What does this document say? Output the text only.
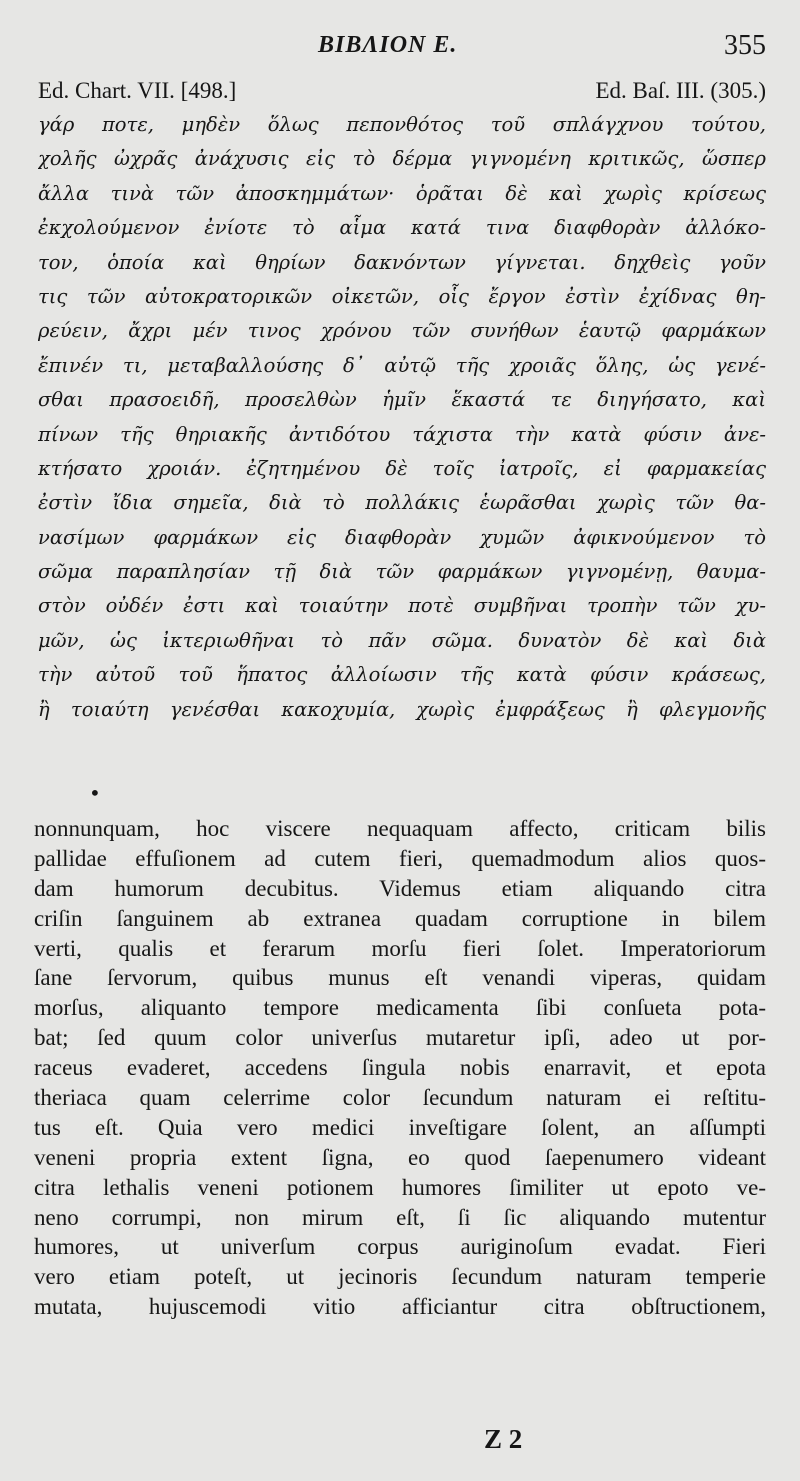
BIBΛION E.	355
Ed. Chart. VII. [498.]	Ed. Baſ. III. (305.)
γάρ ποτε, μηδὲν ὅλως πεπονθότος τοῦ σπλάγχνου τούτου,
χολῆς ὠχρᾶς ἀνάχυσις εἰς τὸ δέρμα γιγνομένη κριτικῶς, ὥσπερ
ἄλλα τινὰ τῶν ἀποσκημμάτων· ὁρᾶται δὲ καὶ χωρὶς κρίσεως
ἐκχολούμενον ἐνίοτε τὸ αἷμα κατά τινα διαφθορὰν ἀλλόκο-
τον, ὁποία καὶ θηρίων δακνόντων γίγνεται. δηχθεὶς γοῦν
τις τῶν αὐτοκρατορικῶν οἰκετῶν, οἷς ἔργον ἐστὶν ἐχίδνας θη-
ρεύειν, ἄχρι μέν τινος χρόνου τῶν συνήθων ἑαυτῷ φαρμάκων
ἔπινέν τι, μεταβαλλούσης δ᾽ αὐτῷ τῆς χροιᾶς ὅλης, ὡς γενέ-
σθαι πρασοειδῆ, προσελθὼν ἡμῖν ἕκαστά τε διηγήσατο, καὶ
πίνων τῆς θηριακῆς ἀντιδότου τάχιστα τὴν κατὰ φύσιν ἀνε-
κτήσατο χροιάν. ἐζητημένου δὲ τοῖς ἰατροῖς, εἰ φαρμακείας
ἐστὶν ἴδια σημεῖα, διὰ τὸ πολλάκις ἑωρᾶσθαι χωρὶς τῶν θα-
νασίμων φαρμάκων εἰς διαφθορὰν χυμῶν ἀφικνούμενον τὸ
σῶμα παραπλησίαν τῇ διὰ τῶν φαρμάκων γιγνομένῃ, θαυμα-
στὸν οὐδέν ἐστι καὶ τοιαύτην ποτὲ συμβῆναι τροπὴν τῶν χυ-
μῶν, ὡς ἰκτεριωθῆναι τὸ πᾶν σῶμα. δυνατὸν δὲ καὶ διὰ
τὴν αὐτοῦ τοῦ ἥπατος ἀλλοίωσιν τῆς κατὰ φύσιν κράσεως,
ἢ τοιαύτη γενέσθαι κακοχυμία, χωρὶς ἐμφράξεως ἢ φλεγμονῆς
•
nonnunquam, hoc viscere nequaquam affecto, criticam bilis
pallidae effuſionem ad cutem fieri, quemadmodum alios quos-
dam humorum decubitus. Videmus etiam aliquando citra
criſin ſanguinem ab extranea quadam corruptione in bilem
verti, qualis et ferarum morſu fieri ſolet. Imperatoriorum
ſane ſervorum, quibus munus eſt venandi viperas, quidam
morſus, aliquanto tempore medicamenta ſibi conſueta pota-
bat; ſed quum color univerſus mutaretur ipſi, adeo ut por-
raceus evaderet, accedens ſingula nobis enarravit, et epota
theriaca quam celerrime color ſecundum naturam ei reſtitu-
tus eſt. Quia vero medici inveſtigare ſolent, an aſſumpti
veneni propria extent ſigna, eo quod ſaepenumero videant
citra lethalis veneni potionem humores ſimiliter ut epoto ve-
neno corrumpi, non mirum eſt, ſi ſic aliquando mutentur
humores, ut univerſum corpus auriginoſum evadat. Fieri
vero etiam poteſt, ut jecinoris ſecundum naturam temperie
mutata, hujuscemodi vitio afficiantur citra obſtructionem,
Z 2
